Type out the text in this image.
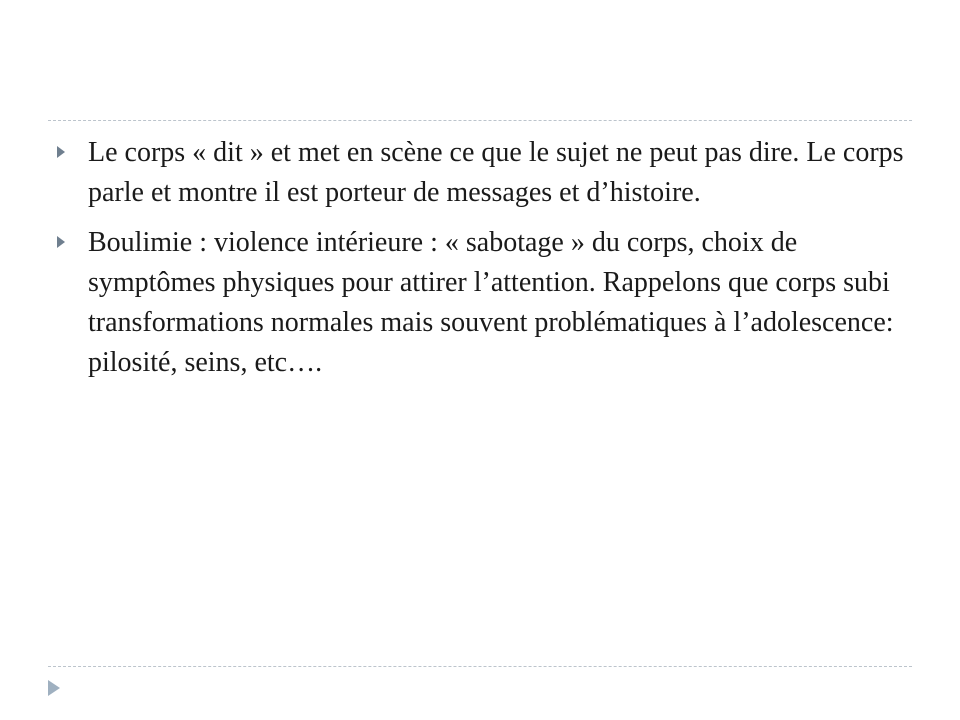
Le corps « dit » et met en scène ce que le sujet ne peut pas dire. Le corps parle et montre il est porteur de messages et d’histoire.
Boulimie : violence intérieure : « sabotage » du corps, choix de symptômes physiques pour attirer l’attention. Rappelons que corps subi transformations normales mais souvent problématiques à l’adolescence: pilosité, seins, etc….
